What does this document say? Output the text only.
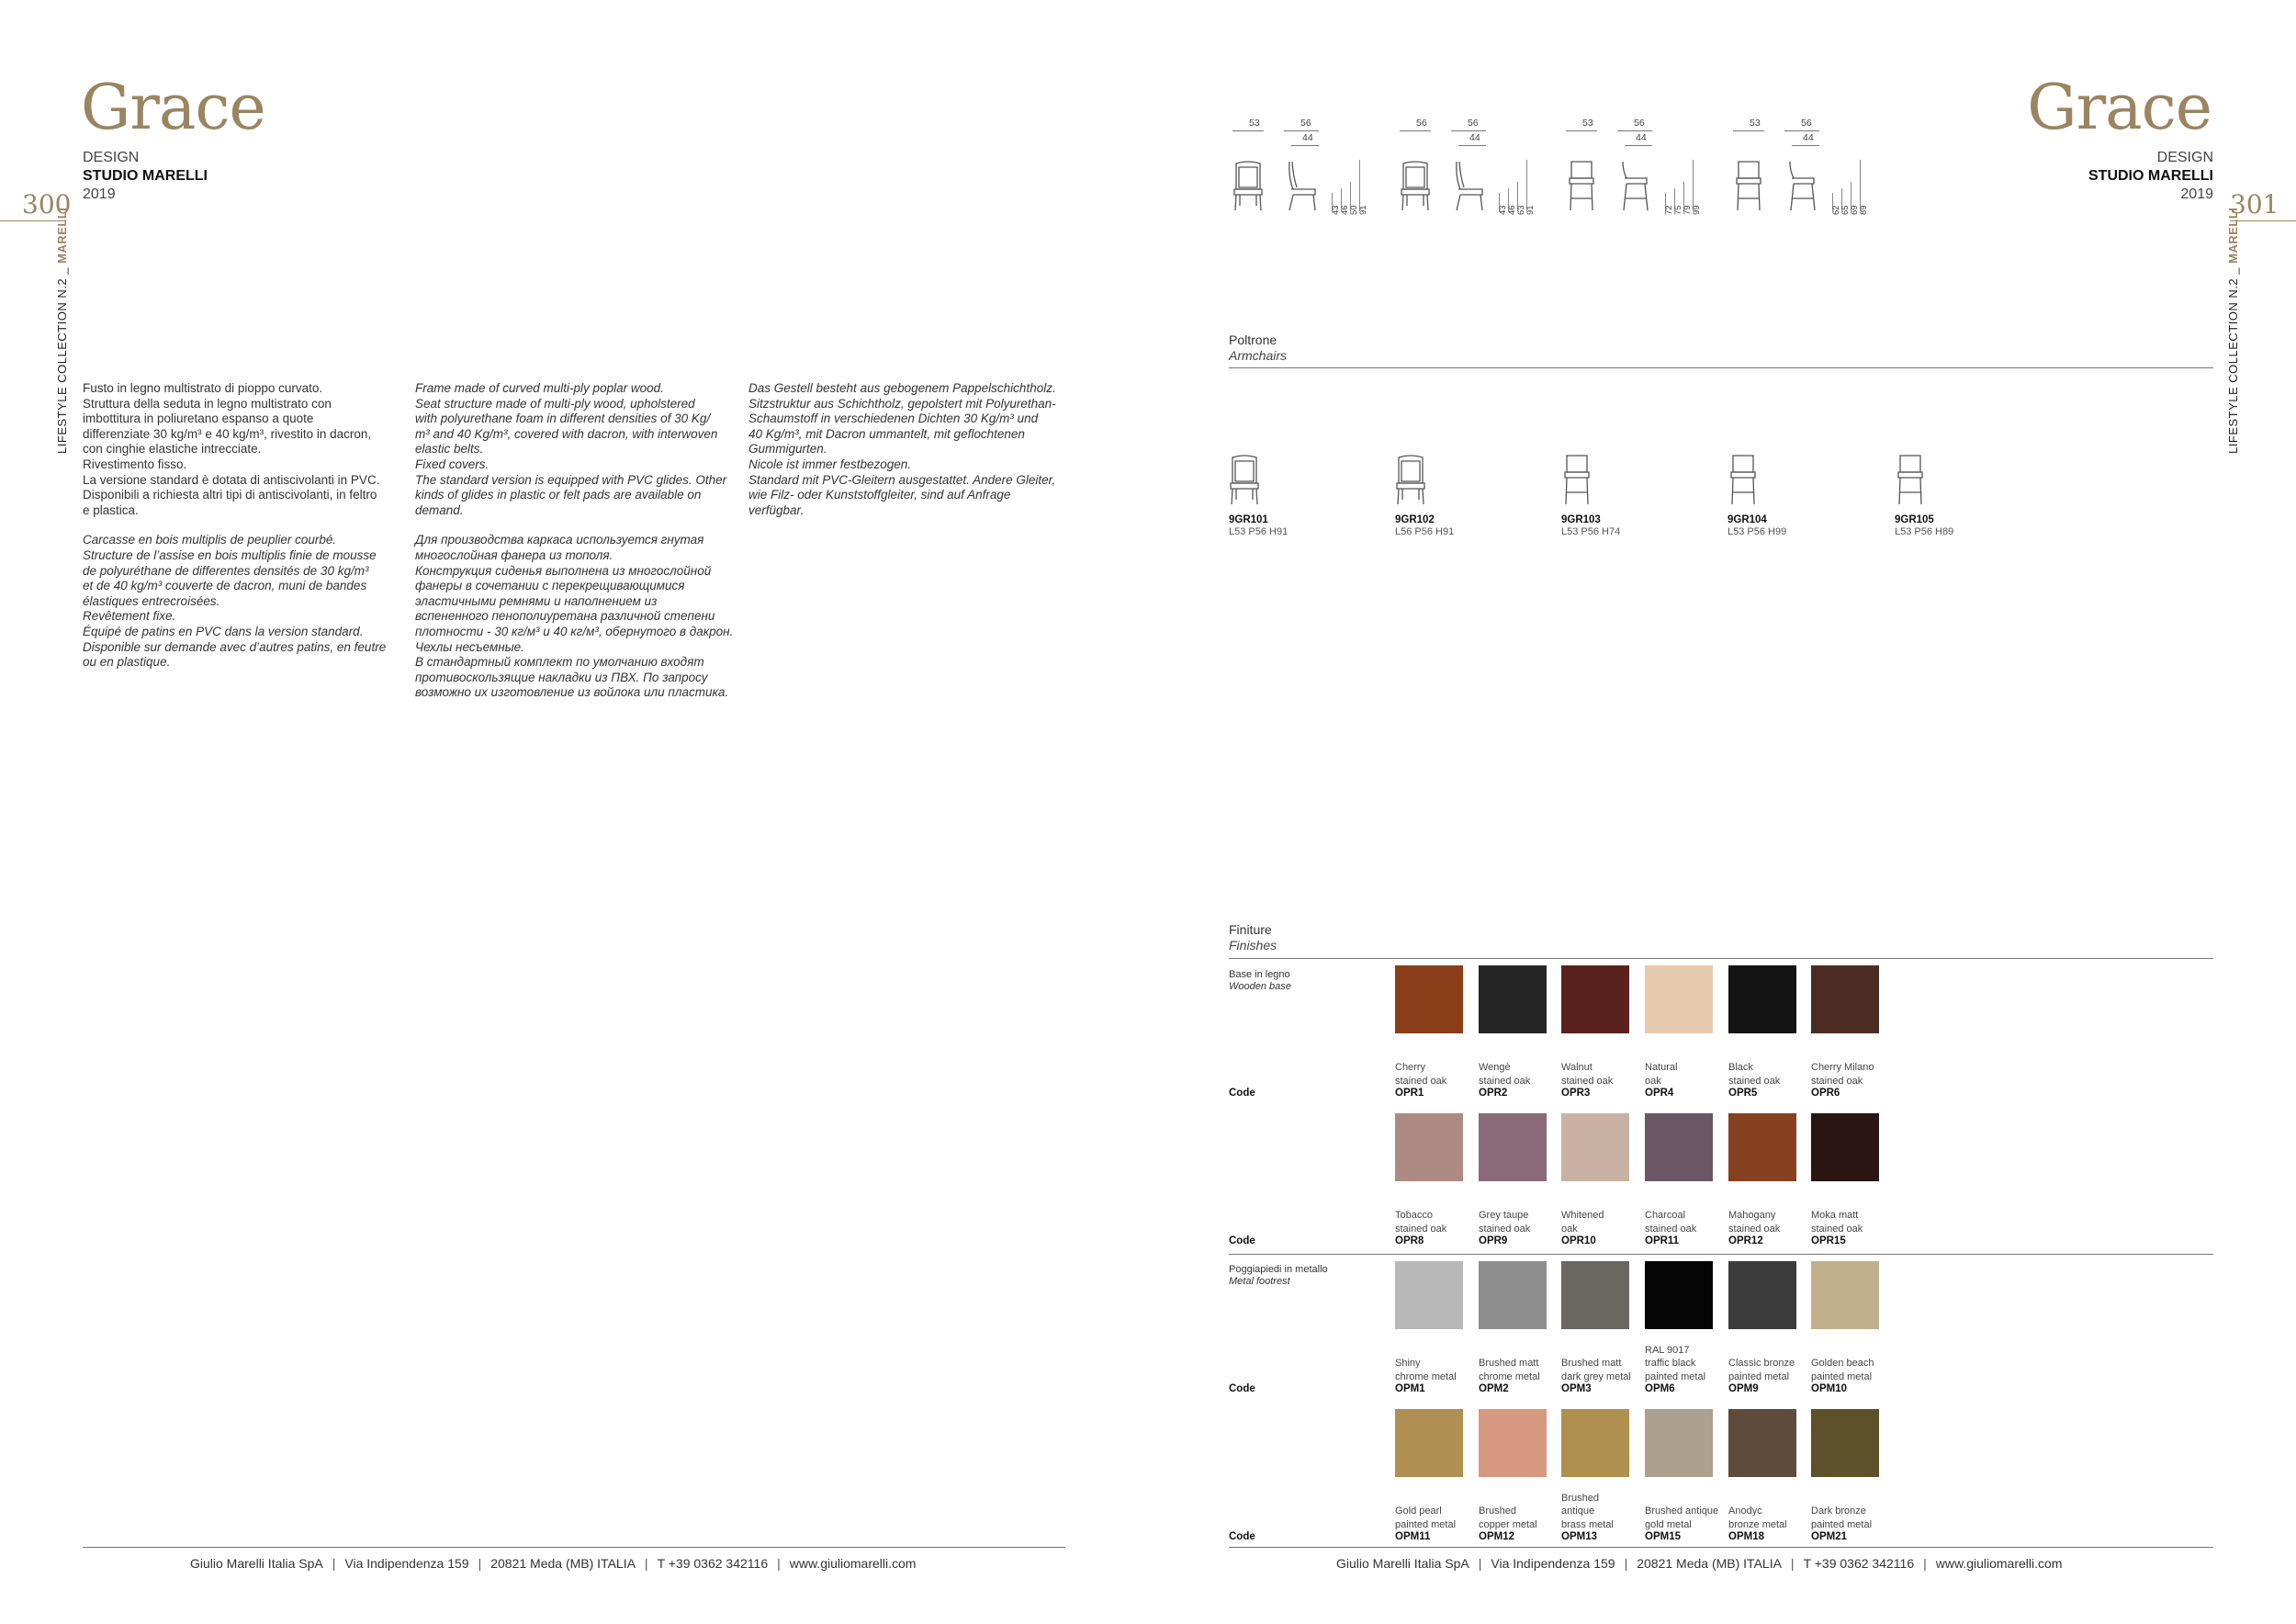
Grace
DESIGN
STUDIO MARELLI
2019
300
LIFESTYLE COLLECTION N.2 _ MARELLI

Fusto in legno multistrato di pioppo curvato.
Struttura della seduta in legno multistrato con
imbottitura in poliuretano espanso a quote
differenziate 30 kg/m³ e 40 kg/m³, rivestito in dacron,
con cinghie elastiche intrecciate.
Rivestimento fisso.
La versione standard è dotata di antiscivolanti in PVC.
Disponibili a richiesta altri tipi di antiscivolanti, in feltro
e plastica.

Carcasse en bois multiplis de peuplier courbé.
Structure de l’assise en bois multiplis finie de mousse
de polyuréthane de differentes densités de 30 kg/m³
et de 40 kg/m³ couverte de dacron, muni de bandes
élastiques entrecroisées.
Revêtement fixe.
Équipé de patins en PVC dans la version standard.
Disponible sur demande avec d’autres patins, en feutre
ou en plastique.

Frame made of curved multi-ply poplar wood.
Seat structure made of multi-ply wood, upholstered
with polyurethane foam in different densities of 30 Kg/
m³ and 40 Kg/m³, covered with dacron, with interwoven
elastic belts.
Fixed covers.
The standard version is equipped with PVC glides. Other
kinds of glides in plastic or felt pads are available on
demand.

Для производства каркаса используется гнутая
многослойная фанера из тополя.
Конструкция сиденья выполнена из многослойной
фанеры в сочетании с перекрещивающимися
эластичными ремнями и наполнением из
вспененного пенополиуретана различной степени
плотности - 30 кг/м³ и 40 кг/м³, обернутого в дакрон.
Чехлы несъемные.
В стандартный комплект по умолчанию входят
противоскользящие накладки из ПВХ. По запросу
возможно их изготовление из войлока или пластика.

Das Gestell besteht aus gebogenem Pappelschichtholz.
Sitzstruktur aus Schichtholz, gepolstert mit Polyurethan-
Schaumstoff in verschiedenen Dichten 30 Kg/m³ und
40 Kg/m³, mit Dacron ummantelt, mit geflochtenen
Gummigurten.
Nicole ist immer festbezogen.
Standard mit PVC-Gleitern ausgestattet. Andere Gleiter,
wie Filz- oder Kunststoffgleiter, sind auf Anfrage
verfügbar.

Giulio Marelli Italia SpA | Via Indipendenza 159 | 20821 Meda (MB) ITALIA | T +39 0362 342116 | www.giuliomarelli.com
Grace
DESIGN
STUDIO MARELLI
2019 301
LIFESTYLE COLLECTION N.2 _ MARELLI
53	56
44
43 46 50 91
56	56
44
43 46 63 91
53	56
44
72 75 79 99
53	56
44
62 65 69 89
Poltrone
Armchairs
9GR101
L53 P56 H91
9GR102
L56 P56 H91
9GR103
L53 P56 H74
9GR104
L53 P56 H99
9GR105
L53 P56 H89
Finiture
Finishes
Base in legno
Wooden base
Code
Cherry
stained oak
OPR1
Wengè
stained oak
OPR2
Walnut
stained oak
OPR3
Natural
oak
OPR4
Black
stained oak
OPR5
Cherry Milano
stained oak
OPR6
Code
Tobacco
stained oak
OPR8
Grey taupe
stained oak
OPR9
Whitened
oak
OPR10
Charcoal
stained oak
OPR11
Mahogany
stained oak
OPR12
Moka matt
stained oak
OPR15
Poggiapiedi in metallo
Metal footrest
Code
Shiny
chrome metal
OPM1
Brushed matt
chrome metal
OPM2
Brushed matt
dark grey metal
OPM3
RAL 9017
traffic black
painted metal
OPM6
Classic bronze
painted metal
OPM9
Golden beach
painted metal
OPM10
Code
Gold pearl
painted metal
OPM11
Brushed
copper metal
OPM12
Brushed
antique
brass metal
OPM13
Brushed antique
gold metal
OPM15
Anodyc
bronze metal
OPM18
Dark bronze
painted metal
OPM21
Giulio Marelli Italia SpA | Via Indipendenza 159 | 20821 Meda (MB) ITALIA | T +39 0362 342116 | www.giuliomarelli.com
